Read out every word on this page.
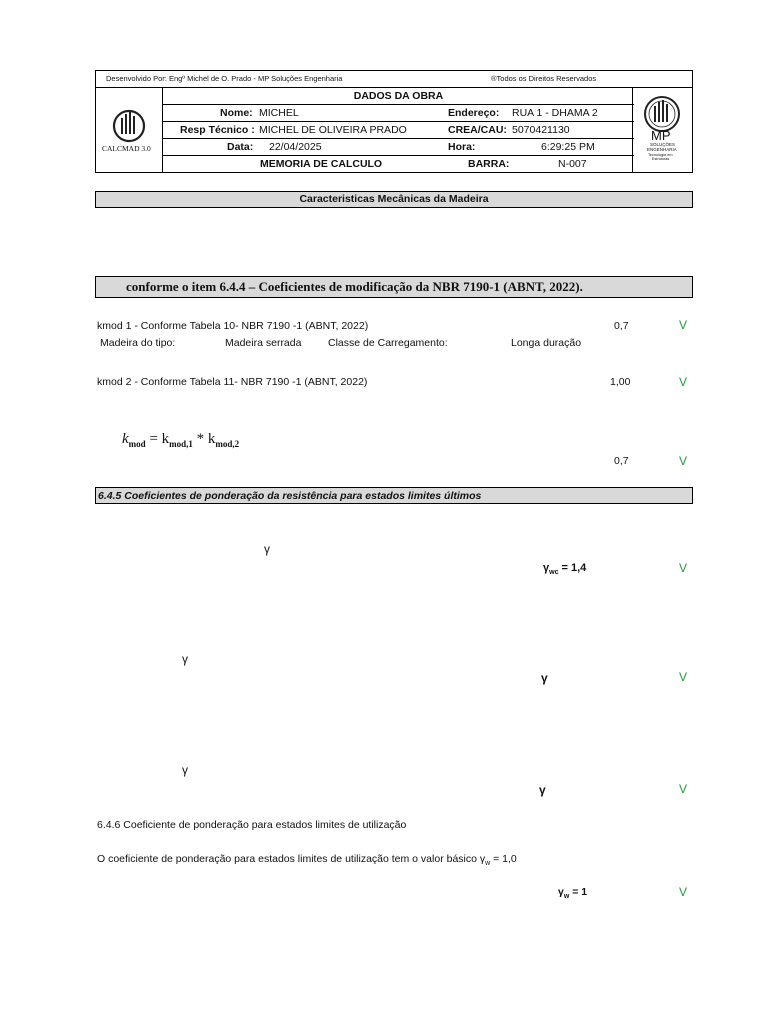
Desenvolvido Por: Engº Michel de O. Prado - MP Soluções Engenharia	®Todos os Direitos Reservados
CALCMAD 3.0
MP
SOLUÇÕES
ENGENHARIA
Tecnologia em
Estruturas
DADOS DA OBRA
Nome: MICHEL	Endereço: RUA 1 - DHAMA 2
Resp Técnico : MICHEL DE OLIVEIRA PRADO	CREA/CAU: 5070421130
Data: 22/04/2025	Hora:	6:29:25 PM
MEMORIA DE CALCULO	BARRA:	N-007
Caracteristicas Mecânicas da Madeira
conforme o item 6.4.4 – Coeficientes de modificação da NBR 7190-1 (ABNT, 2022).
kmod 1 - Conforme Tabela 10- NBR 7190 -1 (ABNT, 2022)	0,7	V
Madeira do tipo:	Madeira serrada	Classe de Carregamento:	Longa duração
kmod 2 - Conforme Tabela 11- NBR 7190 -1 (ABNT, 2022)	1,00	V
$k_{mod} = k_{mod,1} * k_{mod,2}$
0,7	V
6.4.5 Coeficientes de ponderação da resistência para estados limites últimos
γ
$\gamma_{wc} = 1,4$	V
γ
γ	V
γ
γ	V
6.4.6 Coeficiente de ponderação para estados limites de utilização
O coeficiente de ponderação para estados limites de utilização tem o valor básico $\gamma_w = 1,0$
$\gamma_w = 1$	V
